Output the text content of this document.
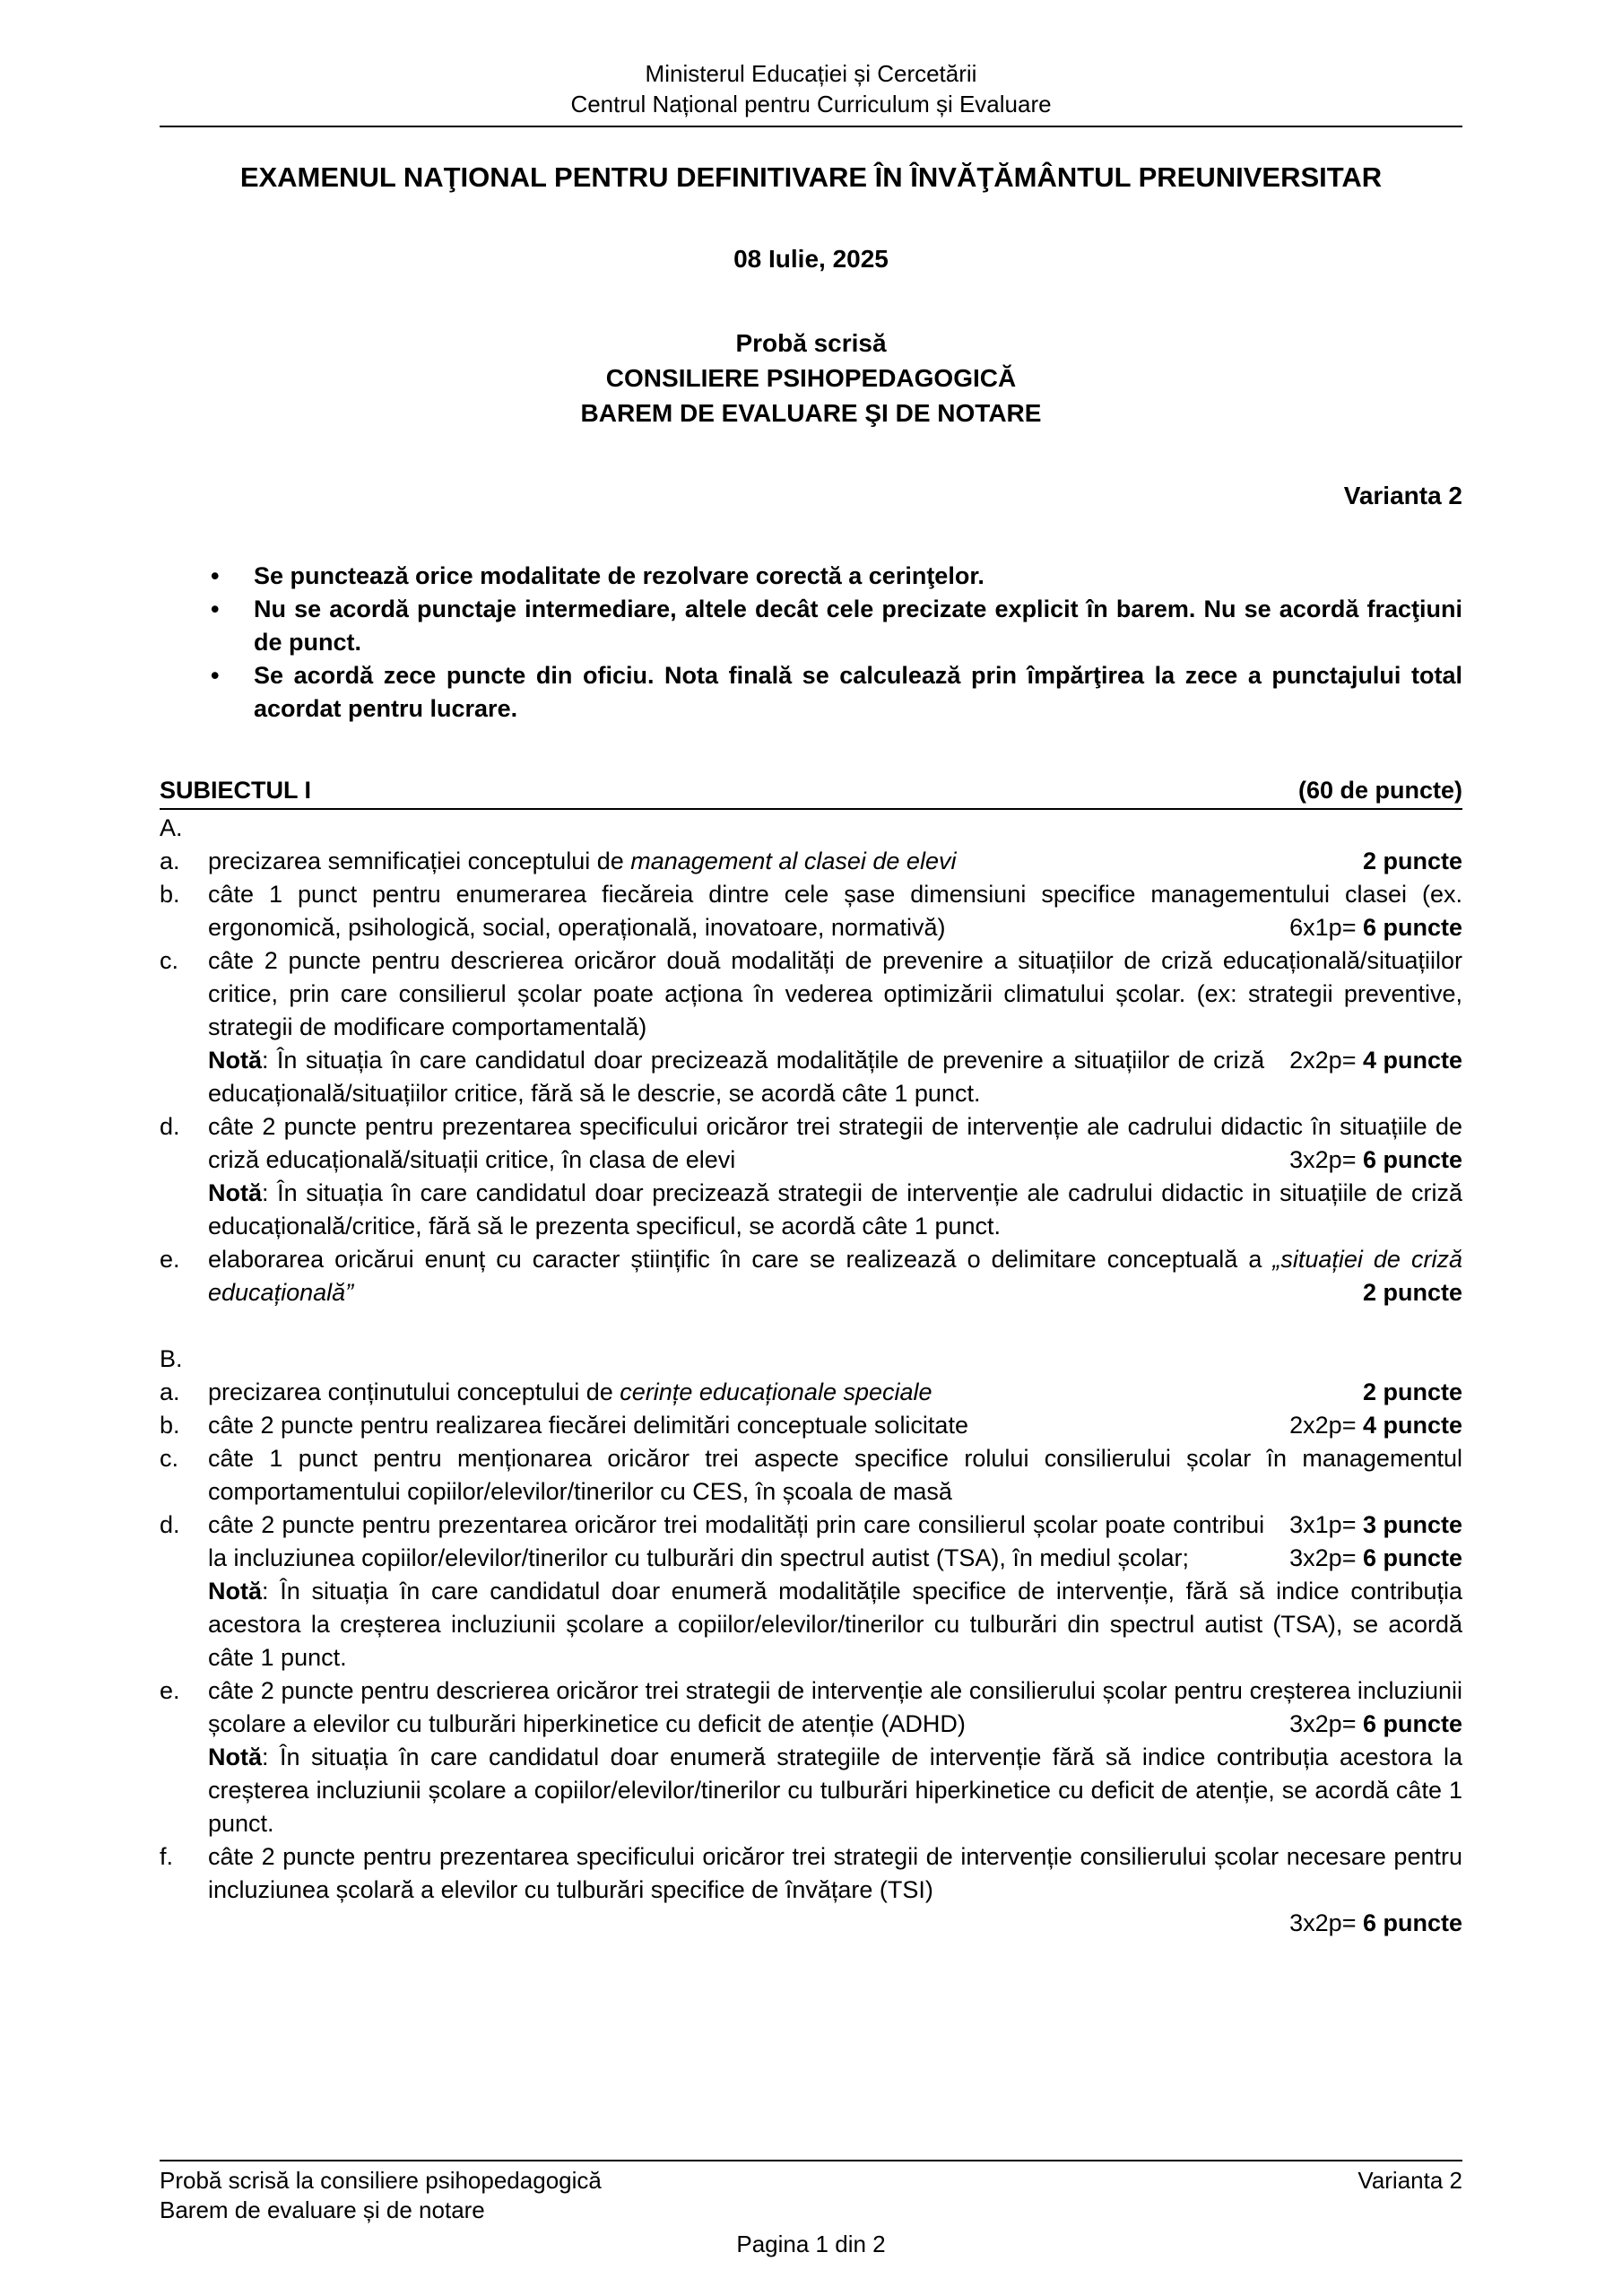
Ministerul Educației și Cercetării
Centrul Național pentru Curriculum și Evaluare
EXAMENUL NAŢIONAL PENTRU DEFINITIVARE ÎN ÎNVĂŢĂMÂNTUL PREUNIVERSITAR
08 Iulie, 2025
Probă scrisă
CONSILIERE PSIHOPEDAGOGICĂ
BAREM DE EVALUARE ŞI DE NOTARE
Varianta 2
• Se punctează orice modalitate de rezolvare corectă a cerinţelor.
• Nu se acordă punctaje intermediare, altele decât cele precizate explicit în barem. Nu se acordă fracţiuni de punct.
• Se acordă zece puncte din oficiu. Nota finală se calculează prin împărţirea la zece a punctajului total acordat pentru lucrare.
SUBIECTUL I	(60 de puncte)
A.
a. precizarea semnificației conceptului de management al clasei de elevi	2 puncte
b. câte 1 punct pentru enumerarea fiecăreia dintre cele șase dimensiuni specifice managementului clasei (ex. ergonomică, psihologică, social, operațională, inovatoare, normativă)	6x1p= 6 puncte
c. câte 2 puncte pentru descrierea oricăror două modalități de prevenire a situațiilor de criză educațională/situațiilor critice, prin care consilierul școlar poate acționa în vederea optimizării climatului școlar. (ex: strategii preventive, strategii de modificare comportamentală)
2x2p= 4 puncte
Notă: În situația în care candidatul doar precizează modalitățile de prevenire a situațiilor de criză educațională/situațiilor critice, fără să le descrie, se acordă câte 1 punct.
d. câte 2 puncte pentru prezentarea specificului oricăror trei strategii de intervenție ale cadrului didactic în situațiile de criză educațională/situații critice, în clasa de elevi	3x2p= 6 puncte
Notă: În situația în care candidatul doar precizează strategii de intervenție ale cadrului didactic in situațiile de criză educațională/critice, fără să le prezenta specificul, se acordă câte 1 punct.
e. elaborarea oricărui enunț cu caracter științific în care se realizează o delimitare conceptuală a „situației de criză educațională”	2 puncte
B.
a. precizarea conținutului conceptului de cerințe educaționale speciale	2 puncte
b. câte 2 puncte pentru realizarea fiecărei delimitări conceptuale solicitate	2x2p= 4 puncte
c. câte 1 punct pentru menționarea oricăror trei aspecte specifice rolului consilierului școlar în managementul comportamentului copiilor/elevilor/tinerilor cu CES, în școala de masă
3x1p= 3 puncte
d. câte 2 puncte pentru prezentarea oricăror trei modalități prin care consilierul școlar poate contribui la incluziunea copiilor/elevilor/tinerilor cu tulburări din spectrul autist (TSA), în mediul școlar;	3x2p= 6 puncte
Notă: În situația în care candidatul doar enumeră modalitățile specifice de intervenție, fără să indice contribuția acestora la creșterea incluziunii școlare a copiilor/elevilor/tinerilor cu tulburări din spectrul autist (TSA), se acordă câte 1 punct.
e. câte 2 puncte pentru descrierea oricăror trei strategii de intervenție ale consilierului școlar pentru creșterea incluziunii școlare a elevilor cu tulburări hiperkinetice cu deficit de atenție (ADHD)	3x2p= 6 puncte
Notă: În situația în care candidatul doar enumeră strategiile de intervenție fără să indice contribuția acestora la creșterea incluziunii școlare a copiilor/elevilor/tinerilor cu tulburări hiperkinetice cu deficit de atenție, se acordă câte 1 punct.
f. câte 2 puncte pentru prezentarea specificului oricăror trei strategii de intervenție consilierului școlar necesare pentru incluziunea școlară a elevilor cu tulburări specifice de învățare (TSI)
3x2p= 6 puncte
Probă scrisă la consiliere psihopedagogică
Barem de evaluare și de notare
Varianta 2
Pagina 1 din 2
